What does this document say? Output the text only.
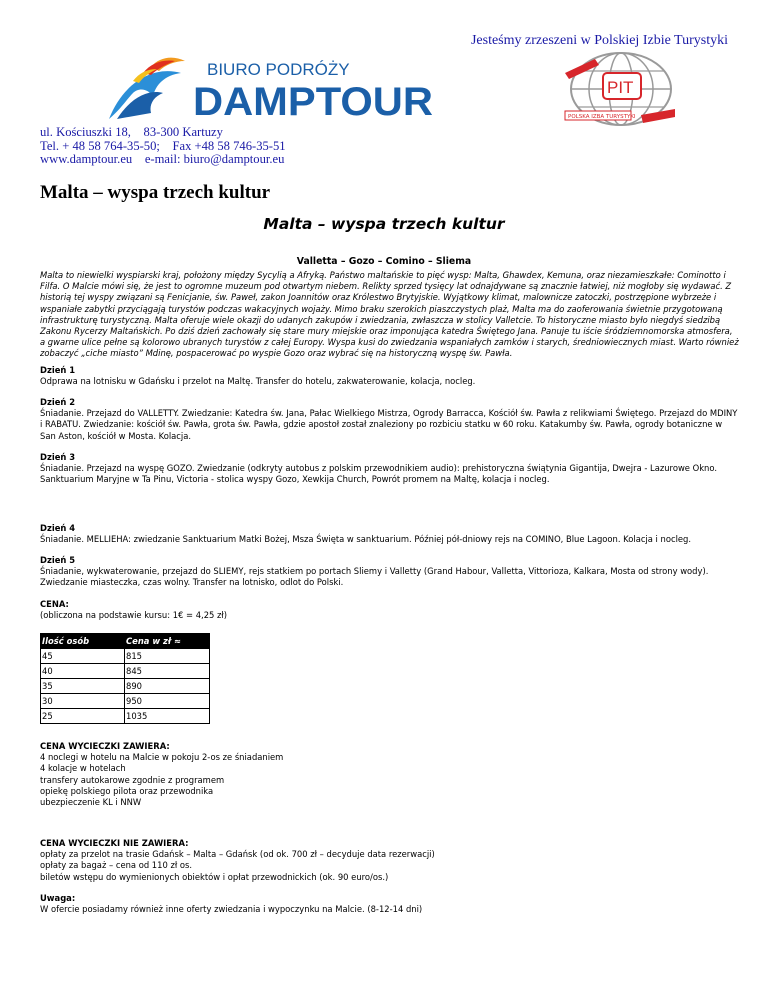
Jesteśmy zrzeszeni w Polskiej Izbie Turystyki
BIURO PODRÓŻY
DAMPTOUR	POLSKA IZBA TURYSTYKI
PIT
ul. Kościuszki 18,    83-300 Kartuzy
Tel. + 48 58 764-35-50;    Fax +48 58 746-35-51
www.damptour.eu    e-mail: biuro@damptour.eu
Malta – wyspa trzech kultur
Malta – wyspa trzech kultur
Valletta – Gozo – Comino – Sliema
Malta to niewielki wyspiarski kraj, położony między Sycylią a Afryką. Państwo maltańskie to pięć wysp: Malta, Ghawdex, Kemuna, oraz niezamieszkałe: Cominotto i Filfa. O Malcie mówi się, że jest to ogromne muzeum pod otwartym niebem. Relikty sprzed tysięcy lat odnajdywane są znacznie łatwiej, niż mogłoby się wydawać. Z historią tej wyspy związani są Fenicjanie, św. Paweł, zakon Joannitów oraz Królestwo Brytyjskie. Wyjątkowy klimat, malownicze zatoczki, postrzępione wybrzeże i wspaniałe zabytki przyciągają turystów podczas wakacyjnych wojaży. Mimo braku szerokich piaszczystych plaż, Malta ma do zaoferowania świetnie przygotowaną infrastrukturę turystyczną. Malta oferuje wiele okazji do udanych zakupów i zwiedzania, zwłaszcza w stolicy Valletcie. To historyczne miasto było niegdyś siedzibą Zakonu Rycerzy Maltańskich. Po dziś dzień zachowały się stare mury miejskie oraz imponująca katedra Świętego Jana. Panuje tu iście śródziemnomorska atmosfera, a gwarne ulice pełne są kolorowo ubranych turystów z całej Europy. Wyspa kusi do zwiedzania wspaniałych zamków i starych, średniowiecznych miast. Warto również zobaczyć „ciche miasto” Mdinę, pospacerować po wyspie Gozo oraz wybrać się na historyczną wyspę św. Pawła.
Dzień 1
Odprawa na lotnisku w Gdańsku i przelot na Maltę. Transfer do hotelu, zakwaterowanie, kolacja, nocleg.
Dzień 2
Śniadanie. Przejazd do VALLETTY. Zwiedzanie: Katedra św. Jana, Pałac Wielkiego Mistrza, Ogrody Barracca, Kościół św. Pawła z relikwiami Świętego. Przejazd do MDINY i RABATU. Zwiedzanie: kościół św. Pawła, grota św. Pawła, gdzie apostoł został znaleziony po rozbiciu statku w 60 roku. Katakumby św. Pawła, ogrody botaniczne w San Aston, kościół w Mosta. Kolacja.
Dzień 3
Śniadanie. Przejazd na wyspę GOZO. Zwiedzanie (odkryty autobus z polskim przewodnikiem audio): prehistoryczna świątynia Gigantija, Dwejra - Lazurowe Okno. Sanktuarium Maryjne w Ta Pinu, Victoria - stolica wyspy Gozo, Xewkija Church, Powrót promem na Maltę, kolacja i nocleg.
Dzień 4
Śniadanie. MELLIEHA: zwiedzanie Sanktuarium Matki Bożej, Msza Święta w sanktuarium. Później pół-dniowy rejs na COMINO, Blue Lagoon. Kolacja i nocleg.
Dzień 5
Śniadanie, wykwaterowanie, przejazd do SLIEMY, rejs statkiem po portach Sliemy i Valletty (Grand Habour, Valletta, Vittorioza, Kalkara, Mosta od strony wody). Zwiedzanie miasteczka, czas wolny. Transfer na lotnisko, odlot do Polski.
CENA:
(obliczona na podstawie kursu: 1€ = 4,25 zł)
Ilość osób	Cena w zł ≈
45	815
40	845
35	890
30	950
25	1035
CENA WYCIECZKI ZAWIERA:
4 noclegi w hotelu na Malcie w pokoju 2-os ze śniadaniem
4 kolacje w hotelach
transfery autokarowe zgodnie z programem
opiekę polskiego pilota oraz przewodnika
ubezpieczenie KL i NNW
CENA WYCIECZKI NIE ZAWIERA:
opłaty za przelot na trasie Gdańsk – Malta – Gdańsk (od ok. 700 zł – decyduje data rezerwacji)
opłaty za bagaż – cena od 110 zł os.
biletów wstępu do wymienionych obiektów i opłat przewodnickich (ok. 90 euro/os.)
Uwaga:
W ofercie posiadamy również inne oferty zwiedzania i wypoczynku na Malcie. (8-12-14 dni)
